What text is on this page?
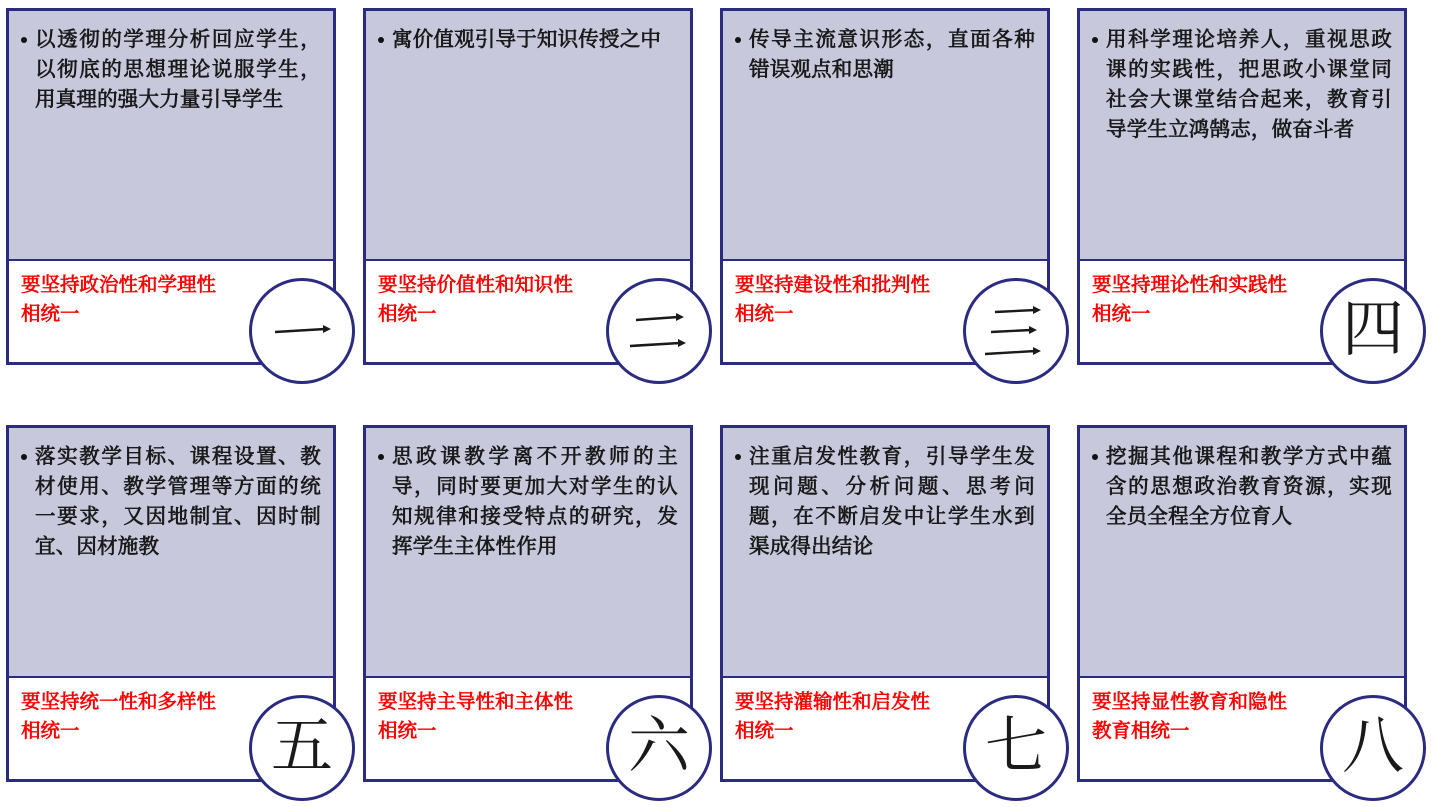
以透彻的学理分析回应学生，以彻底的思想理论说服学生，用真理的强大力量引导学生
要坚持政治性和学理性相统一
寓价值观引导于知识传授之中
要坚持价值性和知识性相统一
传导主流意识形态，直面各种错误观点和思潮
要坚持建设性和批判性相统一
用科学理论培养人，重视思政课的实践性，把思政小课堂同社会大课堂结合起来，教育引导学生立鸿鹄志，做奋斗者
要坚持理论性和实践性相统一	四
落实教学目标、课程设置、教材使用、教学管理等方面的统一要求，又因地制宜、因时制宜、因材施教
要坚持统一性和多样性相统一	五
思政课教学离不开教师的主导，同时要更加大对学生的认知规律和接受特点的研究，发挥学生主体性作用
要坚持主导性和主体性相统一	六
注重启发性教育，引导学生发现问题、分析问题、思考问题，在不断启发中让学生水到渠成得出结论
要坚持灌输性和启发性相统一	七
挖掘其他课程和教学方式中蕴含的思想政治教育资源，实现全员全程全方位育人
要坚持显性教育和隐性教育相统一	八
